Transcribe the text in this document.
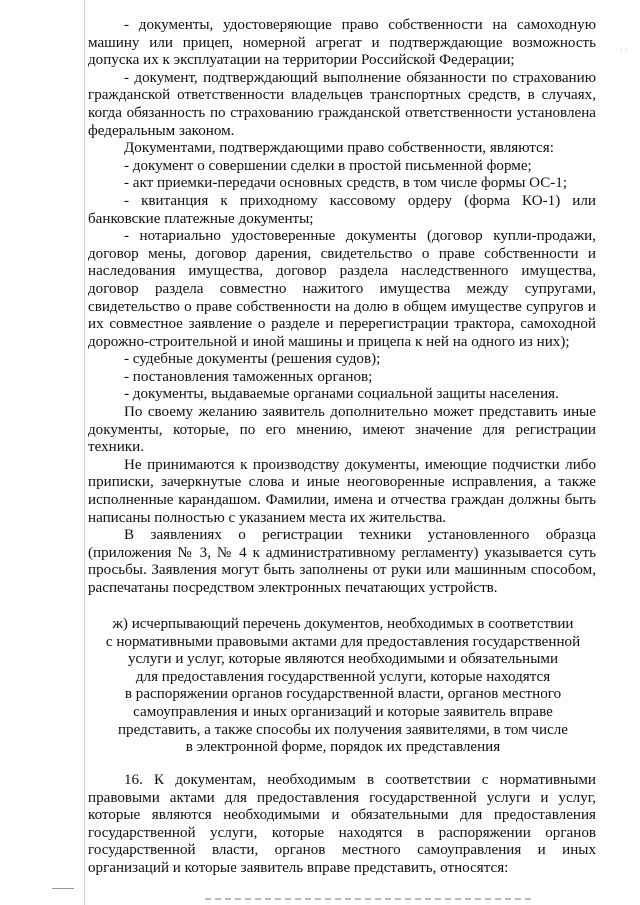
· ·

- документы, удостоверяющие право собственности на самоходную машину или прицеп, номерной агрегат и подтверждающие возможность допуска их к эксплуатации на территории Российской Федерации;

- документ, подтверждающий выполнение обязанности по страхованию гражданской ответственности владельцев транспортных средств, в случаях, когда обязанность по страхованию гражданской ответственности установлена федеральным законом.

Документами, подтверждающими право собственности, являются:

- документ о совершении сделки в простой письменной форме;

- акт приемки-передачи основных средств, в том числе формы ОС-1;

- квитанция к приходному кассовому ордеру (форма КО-1) или банковские платежные документы;

- нотариально удостоверенные документы (договор купли-продажи, договор мены, договор дарения, свидетельство о праве собственности и наследования имущества, договор раздела наследственного имущества, договор раздела совместно нажитого имущества между супругами, свидетельство о праве собственности на долю в общем имуществе супругов и их совместное заявление о разделе и перерегистрации трактора, самоходной дорожно-строительной и иной машины и прицепа к ней на одного из них);

- судебные документы (решения судов);

- постановления таможенных органов;

- документы, выдаваемые органами социальной защиты населения.

По своему желанию заявитель дополнительно может представить иные документы, которые, по его мнению, имеют значение для регистрации техники.

Не принимаются к производству документы, имеющие подчистки либо приписки, зачеркнутые слова и иные неоговоренные исправления, а также исполненные карандашом. Фамилии, имена и отчества граждан должны быть написаны полностью с указанием места их жительства.

В заявлениях о регистрации техники установленного образца (приложения № 3, № 4 к административному регламенту) указывается суть просьбы. Заявления могут быть заполнены от руки или машинным способом, распечатаны посредством электронных печатающих устройств.

ж) исчерпывающий перечень документов, необходимых в соответствии
с нормативными правовыми актами для предоставления государственной
услуги и услуг, которые являются необходимыми и обязательными
для предоставления государственной услуги, которые находятся
в распоряжении органов государственной власти, органов местного
самоуправления и иных организаций и которые заявитель вправе
представить, а также способы их получения заявителями, в том числе
в электронной форме, порядок их представления

16. К документам, необходимым в соответствии с нормативными правовыми актами для предоставления государственной услуги и услуг, которые являются необходимыми и обязательными для предоставления государственной услуги, которые находятся в распоряжении органов государственной власти, органов местного самоуправления и иных организаций и которые заявитель вправе представить, относятся:
